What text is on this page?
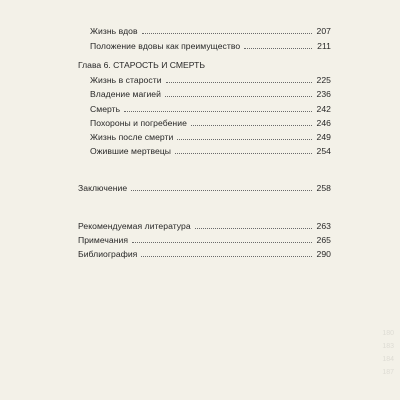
Жизнь вдов	207
Положение вдовы как преимущество	211
Глава 6. СТАРОСТЬ И СМЕРТЬ
Жизнь в старости	225
Владение магией	236
Смерть	242
Похороны и погребение	246
Жизнь после смерти	249
Ожившие мертвецы	254
Заключение	258
Рекомендуемая литература	263
Примечания	265
Библиография	290
180
183
184
187
